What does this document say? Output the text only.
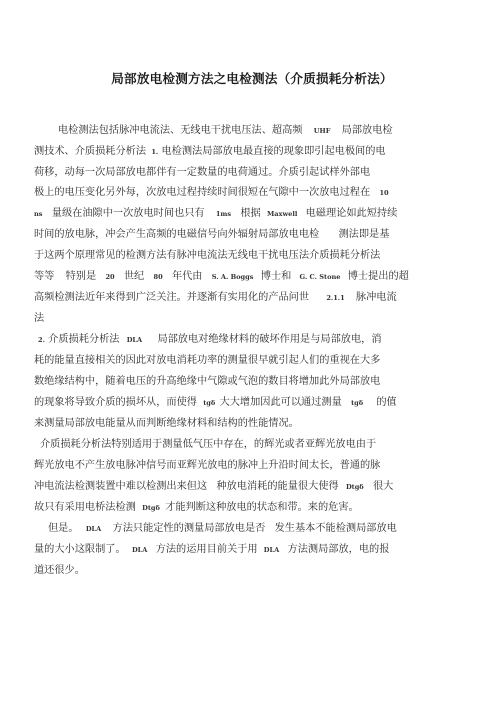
局部放电检测方法之电检测法（介质损耗分析法）
电检测法包括脉冲电流法、无线电干扰电压法、超高频 UHF 局部放电检
测技术、介质损耗分析法 1. 电检测法局部放电最直接的现象即引起电极间的电
荷移，动每一次局部放电都伴有一定数量的电荷通过。介质引起试样外部电
极上的电压变化另外每，次放电过程持续时间很短在气隙中一次放电过程在 10
ns 量级在油隙中一次放电时间也只有 1ms 根据 Maxwell 电磁理论如此短持续
时间的放电脉，冲会产生高频的电磁信号向外辐射局部放电电检 测法即是基
于这两个原理常见的检测方法有脉冲电流法无线电干扰电压法介质损耗分析法
等等 特别是 20 世纪 80 年代由 S. A. Boggs 博士和 G. C. Stone 博士提出的超
高频检测法近年来得到广泛关注。并逐渐有实用化的产品问世	2.1.1 脉冲电流
法
2. 介质损耗分析法 DLA 局部放电对绝缘材料的破坏作用是与局部放电，消
耗的能量直接相关的因此对放电消耗功率的测量很早就引起人们的重视在大多
数绝缘结构中，随着电压的升高绝缘中气隙或气泡的数目将增加此外局部放电
的现象将导致介质的损坏从，而使得 tgδ 大大增加因此可以通过测量 tgδ 的值
来测量局部放电能量从而判断绝缘材料和结构的性能情况。
介质损耗分析法特别适用于测量低气压中存在，的辉光或者亚辉光放电由于
辉光放电不产生放电脉冲信号而亚辉光放电的脉冲上升沿时间太长，普通的脉
冲电流法检测装置中难以检测出来但这 种放电消耗的能量很大使得 Dtgδ 很大
故只有采用电桥法检测 Dtgδ 才能判断这种放电的状态和带。来的危害。
但是。 DLA 方法只能定性的测量局部放电是否 发生基本不能检测局部放电
量的大小这限制了。 DLA 方法的运用目前关于用 DLA 方法测局部放，电的报
道还很少。
